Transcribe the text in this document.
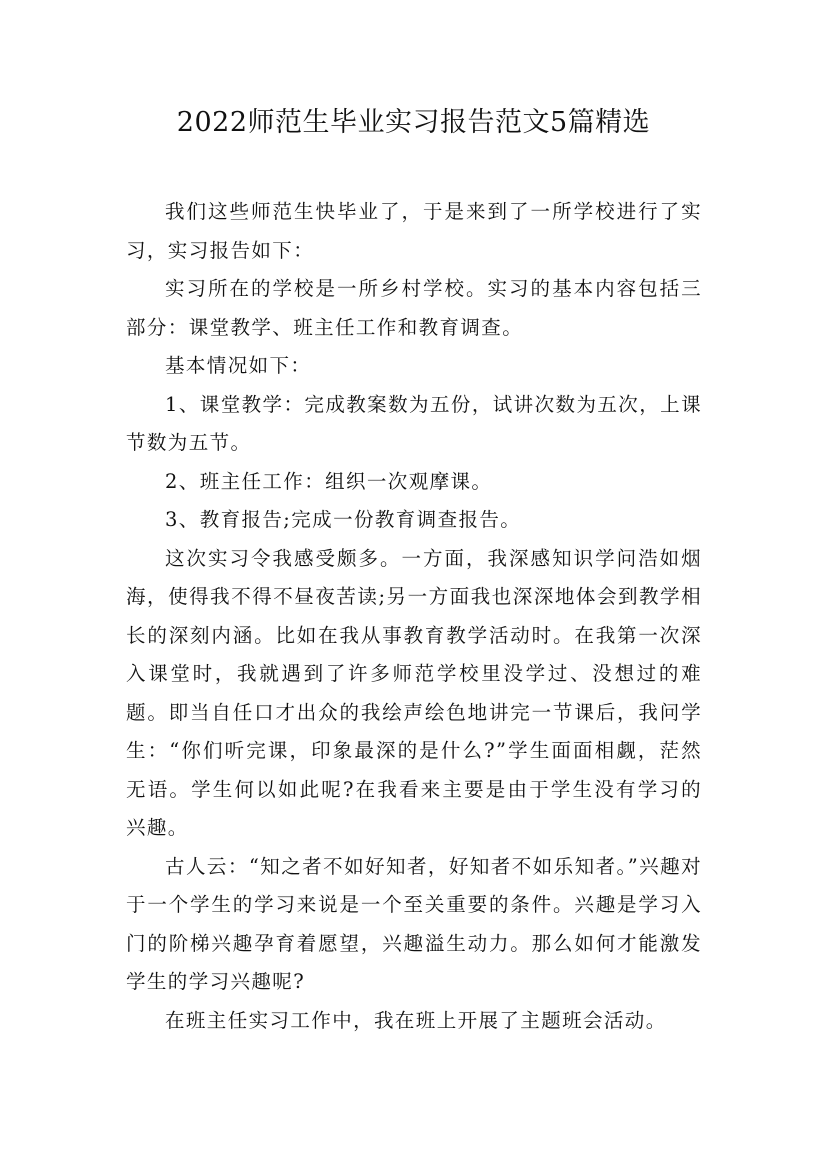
2022师范生毕业实习报告范文5篇精选

我们这些师范生快毕业了，于是来到了一所学校进行了实习，实习报告如下：

实习所在的学校是一所乡村学校。实习的基本内容包括三部分：课堂教学、班主任工作和教育调查。

基本情况如下：

1、课堂教学：完成教案数为五份，试讲次数为五次，上课节数为五节。

2、班主任工作：组织一次观摩课。

3、教育报告;完成一份教育调查报告。

这次实习令我感受颇多。一方面，我深感知识学问浩如烟海，使得我不得不昼夜苦读;另一方面我也深深地体会到教学相长的深刻内涵。比如在我从事教育教学活动时。在我第一次深入课堂时，我就遇到了许多师范学校里没学过、没想过的难题。即当自任口才出众的我绘声绘色地讲完一节课后，我问学生：“你们听完课，印象最深的是什么?”学生面面相觑，茫然无语。学生何以如此呢?在我看来主要是由于学生没有学习的兴趣。

古人云：“知之者不如好知者，好知者不如乐知者。”兴趣对于一个学生的学习来说是一个至关重要的条件。兴趣是学习入门的阶梯兴趣孕育着愿望，兴趣溢生动力。那么如何才能激发学生的学习兴趣呢?

在班主任实习工作中，我在班上开展了主题班会活动。
